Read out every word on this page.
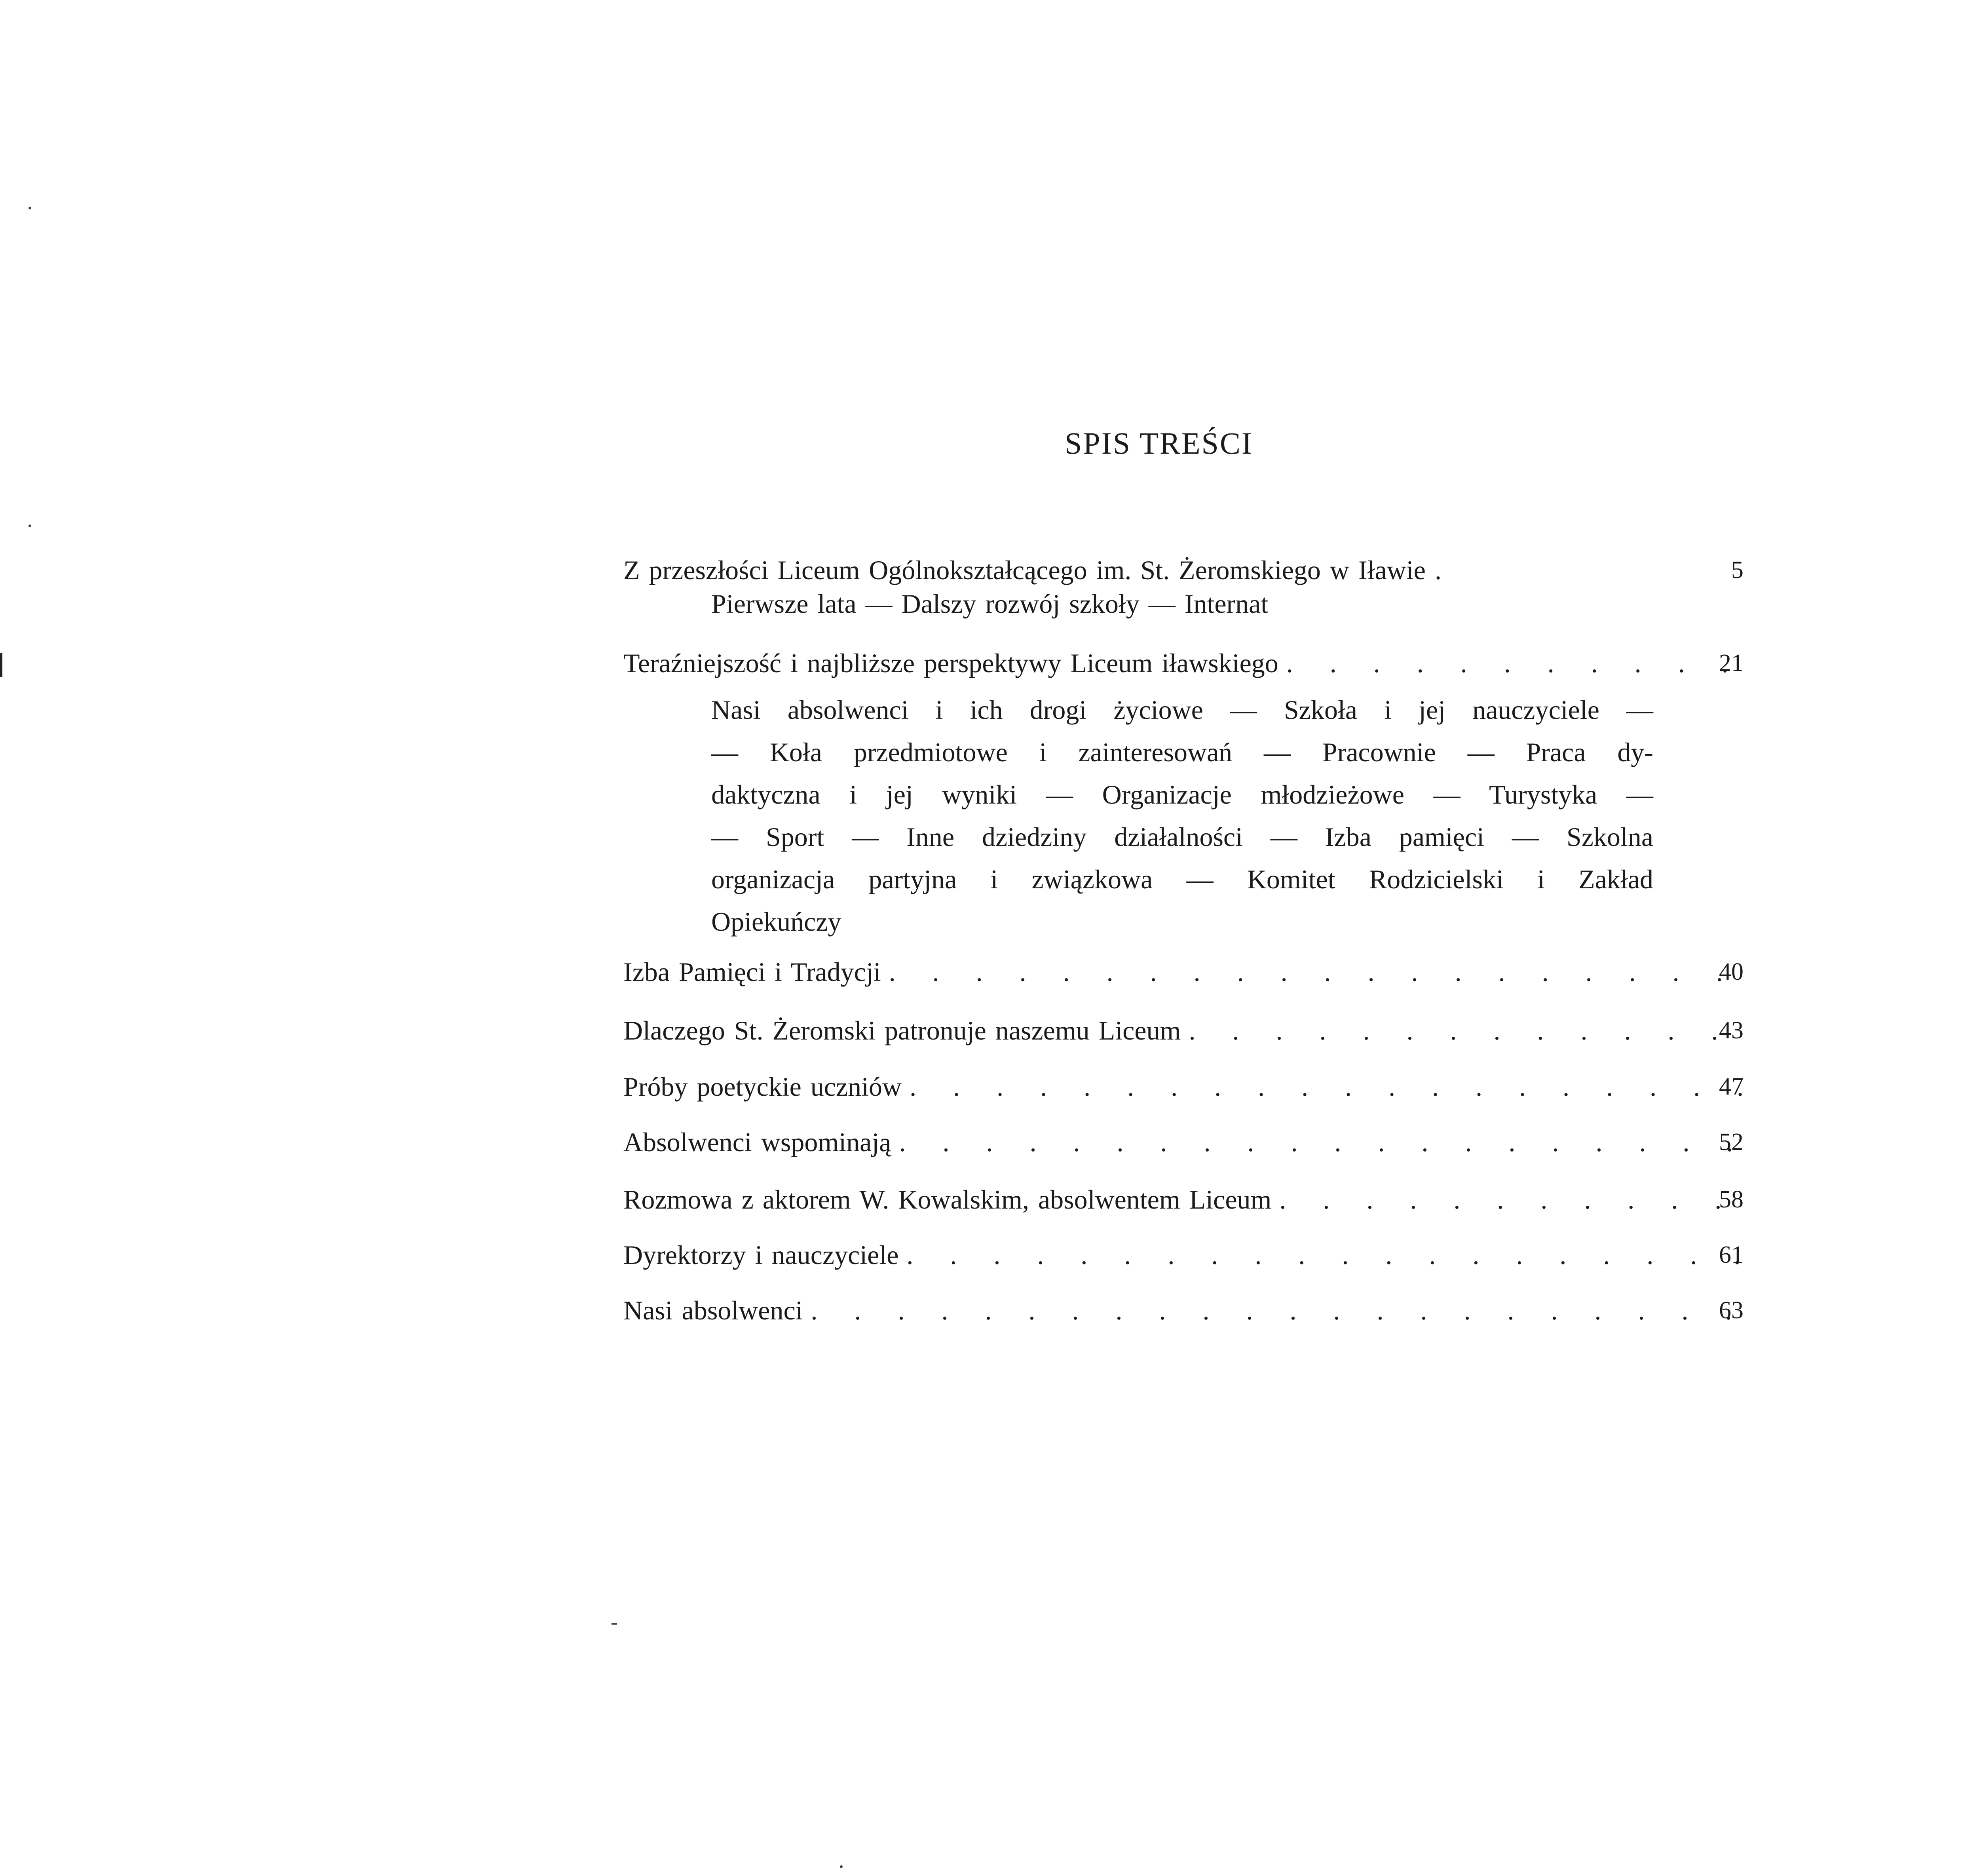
SPIS TREŚCI
Z przeszłości Liceum Ogólnokształcącego im. St. Żeromskiego w Iławie .	5
Pierwsze lata — Dalszy rozwój szkoły — Internat
Teraźniejszość i najbliższe perspektywy Liceum iławskiego . . .	21
Nasi absolwenci i ich drogi życiowe — Szkoła i jej nauczyciele —
— Koła przedmiotowe i zainteresowań — Pracownie — Praca dy-
daktyczna i jej wyniki — Organizacje młodzieżowe — Turystyka —
— Sport — Inne dziedziny działalności — Izba pamięci — Szkolna
organizacja partyjna i związkowa — Komitet Rodzicielski i Zakład
Opiekuńczy
Izba Pamięci i Tradycji . . .	40
Dlaczego St. Żeromski patronuje naszemu Liceum . . .	43
Próby poetyckie uczniów . . .	47
Absolwenci wspominają . . .	52
Rozmowa z aktorem W. Kowalskim, absolwentem Liceum . . .	58
Dyrektorzy i nauczyciele . . .	61
Nasi absolwenci . . .	63
